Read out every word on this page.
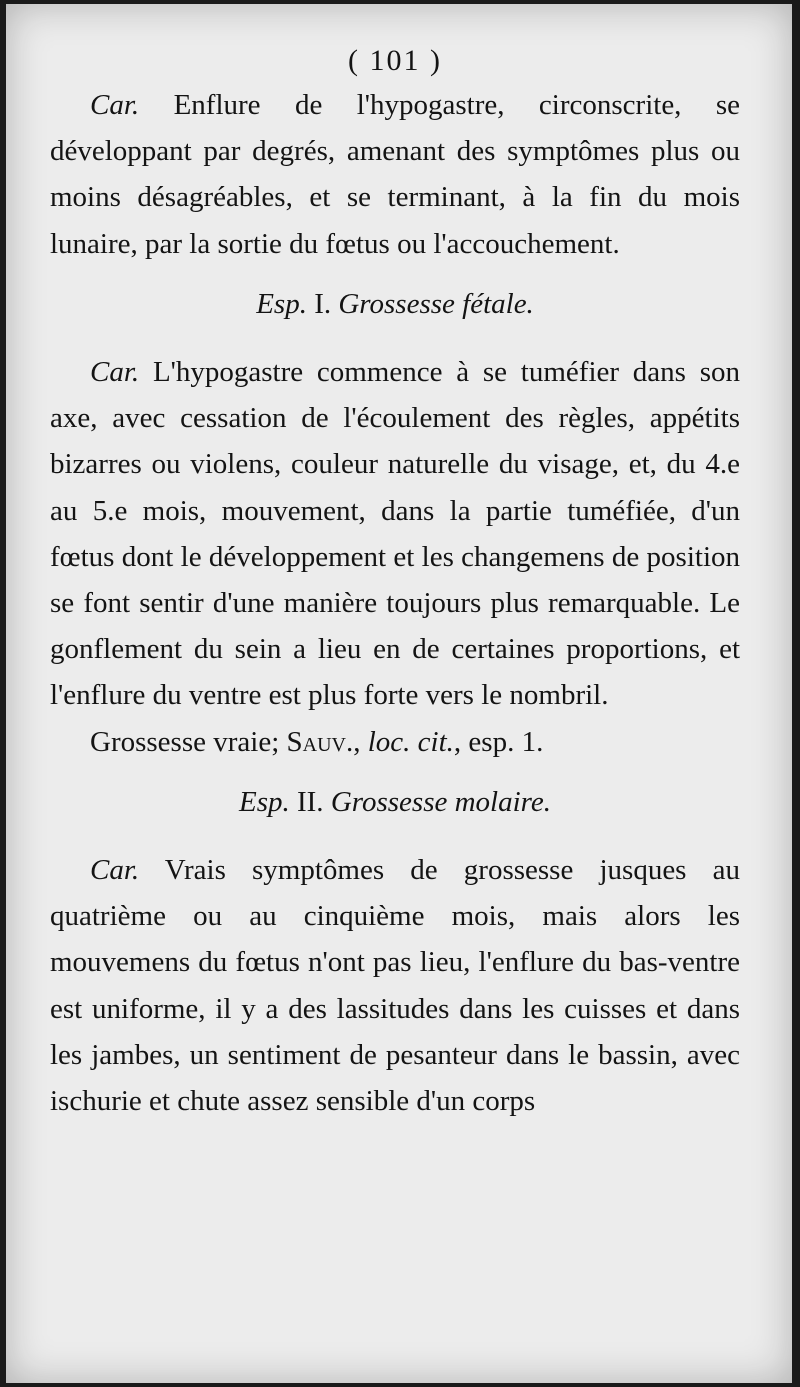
( 101 )

Car. Enflure de l'hypogastre, circonscrite, se développant par degrés, amenant des symptômes plus ou moins désagréables, et se terminant, à la fin du mois lunaire, par la sortie du fœtus ou l'accouchement.

Esp. I. Grossesse fétale.

Car. L'hypogastre commence à se tuméfier dans son axe, avec cessation de l'écoulement des règles, appétits bizarres ou violens, couleur naturelle du visage, et, du 4.e au 5.e mois, mouvement, dans la partie tuméfiée, d'un fœtus dont le développement et les changemens de position se font sentir d'une manière toujours plus remarquable. Le gonflement du sein a lieu en de certaines proportions, et l'enflure du ventre est plus forte vers le nombril.

Grossesse vraie; Sauv., loc. cit., esp. 1.

Esp. II. Grossesse molaire.

Car. Vrais symptômes de grossesse jusques au quatrième ou au cinquième mois, mais alors les mouvemens du fœtus n'ont pas lieu, l'enflure du bas-ventre est uniforme, il y a des lassitudes dans les cuisses et dans les jambes, un sentiment de pesanteur dans le bassin, avec ischurie et chute assez sensible d'un corps
